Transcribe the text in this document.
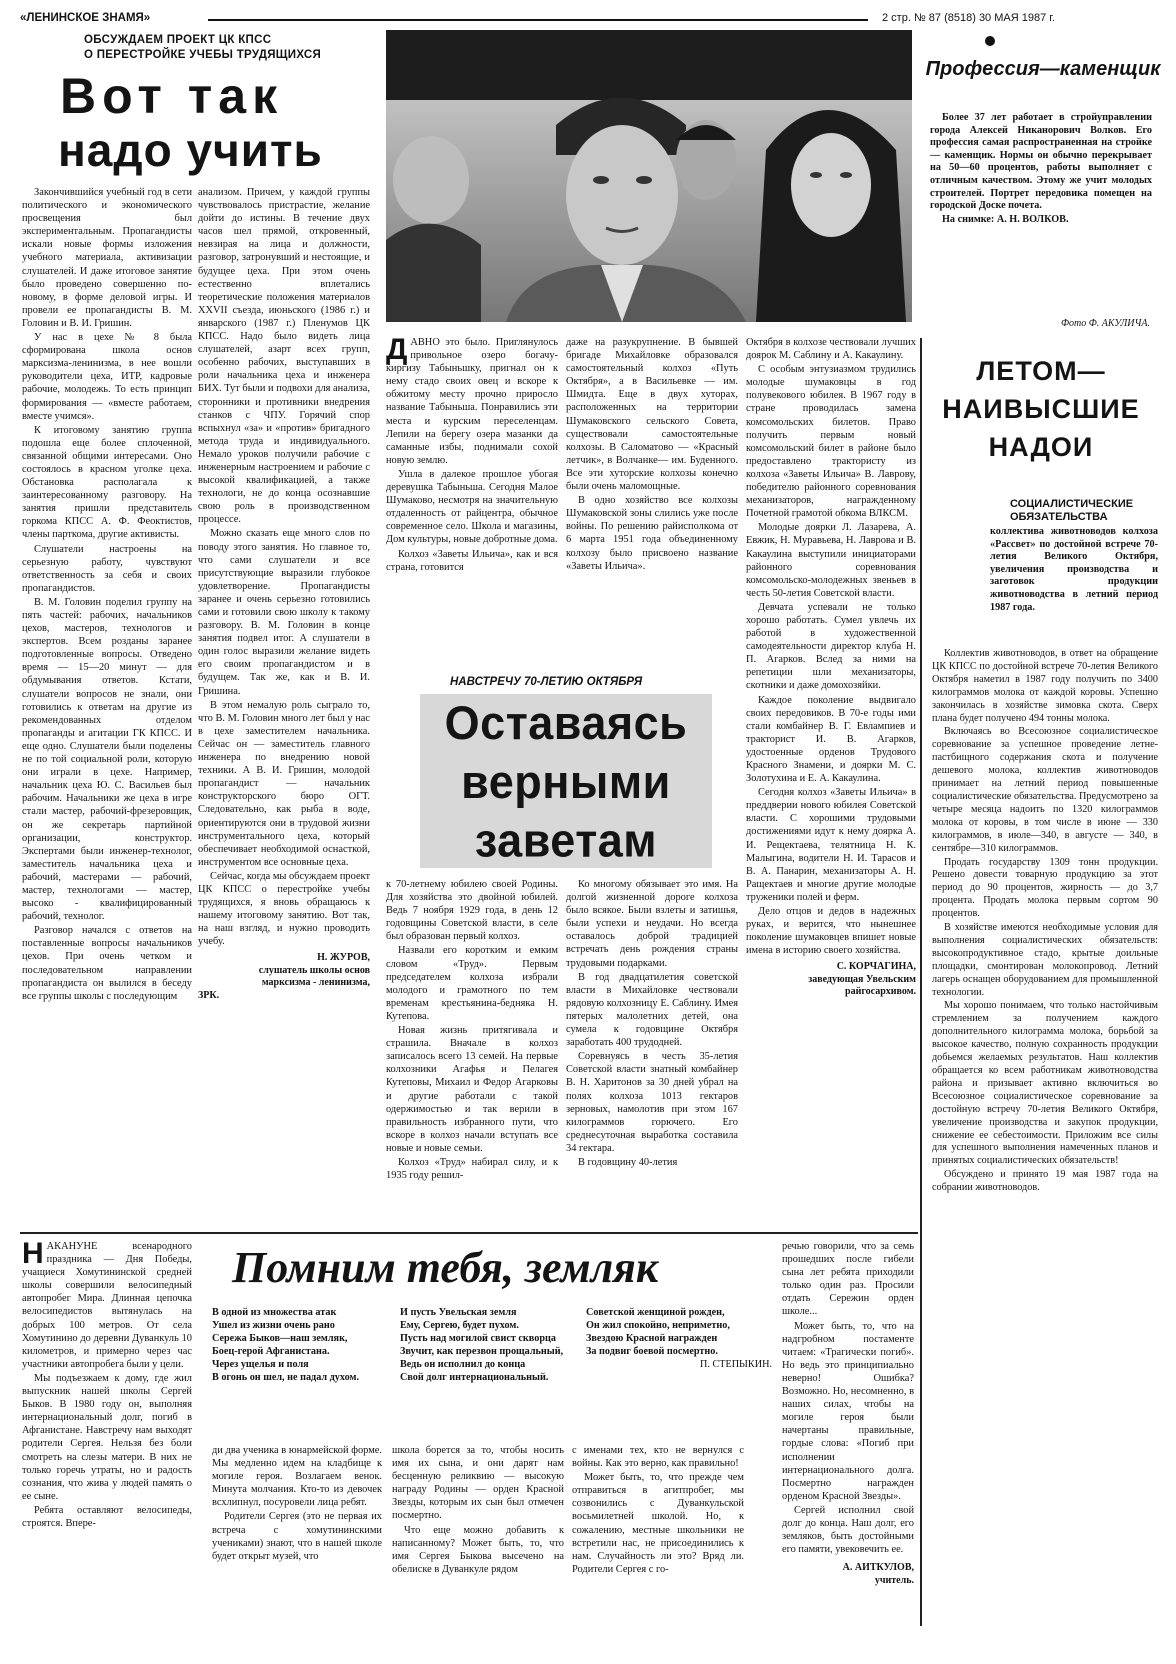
«ЛЕНИНСКОЕ ЗНАМЯ»	2 стр. № 87 (8518) 30 МАЯ 1987 г.
ОБСУЖДАЕМ ПРОЕКТ ЦК КПСС
О ПЕРЕСТРОЙКЕ УЧЕБЫ ТРУДЯЩИХСЯ
Вот так
надо учить

Закончившийся учебный год в сети политического и экономического просвещения был экспериментальным. Пропагандисты искали новые формы изложения учебного материала, активизации слушателей. И даже итоговое занятие было проведено совершенно по-новому, в форме деловой игры. И провели ее пропагандисты В. М. Головин и В. И. Гришин.

У нас в цехе № 8 была сформирована школа основ марксизма-ленинизма, в нее вошли руководители цеха, ИТР, кадровые рабочие, молодежь. То есть принцип формирования — «вместе работаем, вместе учимся».

К итоговому занятию группа подошла еще более сплоченной, связанной общими интересами. Оно состоялось в красном уголке цеха. Обстановка располагала к заинтересованному разговору. На занятия пришли представитель горкома КПСС А. Ф. Феоктистов, члены парткома, другие активисты.

Слушатели настроены на серьезную работу, чувствуют ответственность за себя и своих пропагандистов.

В. М. Головин поделил группу на пять частей: рабочих, начальников цехов, мастеров, технологов и экспертов. Всем розданы заранее подготовленные вопросы. Отведено время — 15—20 минут — для обдумывания ответов. Кстати, слушатели вопросов не знали, они готовились к ответам на другие из рекомендованных отделом пропаганды и агитации ГК КПСС. И еще одно. Слушатели были поделены не по той социальной роли, которую они играли в цехе. Например, начальник цеха Ю. С. Васильев был рабочим. Начальники же цеха в игре стали мастер, рабочий-фрезеровщик, он же секретарь партийной организации, конструктор. Экспертами были инженер-технолог, заместитель начальника цеха и рабочий, мастерами — рабочий, мастер, технологами — мастер, высоко - квалифицированный рабочий, технолог.

Разговор начался с ответов на поставленные вопросы начальников цехов. При очень четком и последовательном направлении пропагандиста он вылился в беседу все группы школы с последующим

анализом. Причем, у каждой группы чувствовалось пристрастие, желание дойти до истины. В течение двух часов шел прямой, откровенный, невзирая на лица и должности, разговор, затронувший и нестоящие, и будущее цеха. При этом очень естественно вплетались теоретические положения материалов XXVII съезда, июньского (1986 г.) и январского (1987 г.) Пленумов ЦК КПСС. Надо было видеть лица слушателей, азарт всех групп, особенно рабочих, выступавших в роли начальника цеха и инженера БИХ. Тут были и подвохи для анализа, сторонники и противники внедрения станков с ЧПУ. Горячий спор вспыхнул «за» и «против» бригадного метода труда и индивидуального. Немало уроков получили рабочие с инженерным настроением и рабочие с высокой квалификацией, а также технологи, не до конца осознавшие свою роль в производственном процессе.

Можно сказать еще много слов по поводу этого занятия. Но главное то, что сами слушатели и все присутствующие выразили глубокое удовлетворение. Пропагандисты заранее и очень серьезно готовились сами и готовили свою школу к такому разговору. В. М. Головин в конце занятия подвел итог. А слушатели в один голос выразили желание видеть его своим пропагандистом и в будущем. Так же, как и В. И. Гришина.

В этом немалую роль сыграло то, что В. М. Головин много лет был у нас в цехе заместителем начальника. Сейчас он — заместитель главного инженера по внедрению новой техники. А В. И. Гришин, молодой пропагандист — начальник конструкторского бюро ОГТ. Следовательно, как рыба в воде, ориентируются они в трудовой жизни инструментального цеха, который обеспечивает необходимой оснасткой, инструментом все основные цеха.

Сейчас, когда мы обсуждаем проект ЦК КПСС о перестройке учебы трудящихся, я вновь обращаюсь к нашему итоговому занятию. Вот так, на наш взгляд, и нужно проводить учебу.

Н. ЖУРОВ,
слушатель школы основ
марксизма - ленинизма,
ЗРК.
Профессия—каменщик

Более 37 лет работает в стройуправлении города Алексей Никанорович Волков. Его профессия самая распространенная на стройке — каменщик. Нормы он обычно перекрывает на 50—60 процентов, работы выполняет с отличным качеством. Этому же учит молодых строителей. Портрет передовика помещен на городской Доске почета.

На снимке: А. Н. ВОЛКОВ.

Фото Ф. АКУЛИЧА.
ЛЕТОМ—
НАИВЫСШИЕ
НАДОИ
СОЦИАЛИСТИЧЕСКИЕ ОБЯЗАТЕЛЬСТВА

коллектива животноводов колхоза «Рассвет» по достойной встрече 70-летия Великого Октября, увеличения производства и заготовок продукции животноводства в летний период 1987 года.

Коллектив животноводов, в ответ на обращение ЦК КПСС по достойной встрече 70-летия Великого Октября наметил в 1987 году получить по 3400 килограммов молока от каждой коровы. Успешно закончилась в хозяйстве зимовка скота. Сверх плана будет получено 494 тонны молока.

Включаясь во Всесоюзное социалистическое соревнование за успешное проведение летне-пастбищного содержания скота и получение дешевого молока, коллектив животноводов принимает на летний период повышенные социалистические обязательства. Предусмотрено за четыре месяца надоить по 1320 килограммов молока от коровы, в том числе в июне — 330 килограммов, в июле—340, в августе — 340, в сентябре—310 килограммов.

Продать государству 1309 тонн продукции. Решено довести товарную продукцию за этот период до 90 процентов, жирность — до 3,7 процента. Продать молока первым сортом 90 процентов.

В хозяйстве имеются необходимые условия для выполнения социалистических обязательств: высокопродуктивное стадо, крытые доильные площадки, смонтирован молокопровод. Летний лагерь оснащен оборудованием для промышленной технологии.

Мы хорошо понимаем, что только настойчивым стремлением за получением каждого дополнительного килограмма молока, борьбой за высокое качество, полную сохранность продукции добьемся желаемых результатов. Наш коллектив обращается ко всем работникам животноводства района и призывает активно включиться во Всесоюзное социалистическое соревнование за достойную встречу 70-летия Великого Октября, увеличение производства и закупок продукции, снижение ее себестоимости. Приложим все силы для успешного выполнения намеченных планов и принятых социалистических обязательств!

Обсуждено и принято 19 мая 1987 года на собрании животноводов.

ДАВНО это было. Приглянулось привольное озеро богачу-киргизу Табыньшку, пригнал он к нему стадо своих овец и вскоре к обжитому месту прочно приросло название Табыньша. Понравились эти места и курским переселенцам. Лепили на берегу озера мазанки да саманные избы, поднимали сохой новую землю.

Ушла в далекое прошлое убогая деревушка Табыньша. Сегодня Малое Шумаково, несмотря на значительную отдаленность от райцентра, обычное современное село. Школа и магазины, Дом культуры, новые добротные дома.

Колхоз «Заветы Ильича», как и вся страна, готовится

даже на разукрупнение. В бывшей бригаде Михайловке образовался самостоятельный колхоз «Путь Октября», а в Васильевке — им. Шмидта. Еще в двух хуторах, расположенных на территории Шумаковского сельского Совета, существовали самостоятельные колхозы. В Саломатово — «Красный летчик», в Волчанке— им. Буденного. Все эти хуторские колхозы конечно были очень маломощные.

В одно хозяйство все колхозы Шумаковской зоны слились уже после войны. По решению райисполкома от 6 марта 1951 года объединенному колхозу было присвоено название «Заветы Ильича».

Октября в колхозе чествовали лучших доярок М. Саблину и А. Какаулину.

С особым энтузиазмом трудились молодые шумаковцы в год полувекового юбилея. В 1967 году в стране проводилась замена комсомольских билетов. Право получить первым новый комсомольский билет в районе было предоставлено трактористу из колхоза «Заветы Ильича» В. Лаврову, победителю районного соревнования механизаторов, награжденному Почетной грамотой обкома ВЛКСМ.

Молодые доярки Л. Лазарева, А. Евжик, Н. Муравьева, Н. Лаврова и В. Какаулина выступили инициаторами районного соревнования комсомольско-молодежных звеньев в честь 50-летия Советской власти.

Девчата успевали не только хорошо работать. Сумел увлечь их работой в художественной самодеятельности директор клуба Н. П. Агарков. Вслед за ними на репетиции шли механизаторы, скотники и даже домохозяйки.

Каждое поколение выдвигало своих передовиков. В 70-е годы ими стали комбайнер В. Г. Евлампиев и тракторист И. В. Агарков, удостоенные орденов Трудового Красного Знамени, и доярки М. С. Золотухина и Е. А. Какаулина.

Сегодня колхоз «Заветы Ильича» в преддверии нового юбилея Советской власти. С хорошими трудовыми достижениями идут к нему доярка А. И. Рещектаева, телятница Н. К. Малыгина, водители Н. И. Тарасов и В. А. Панарин, механизаторы А. Н. Ращектаев и многие другие молодые труженики полей и ферм.

Дело отцов и дедов в надежных руках, и верится, что нынешнее поколение шумаковцев впишет новые имена в историю своего хозяйства.

С. КОРЧАГИНА,
заведующая Увельским райгосархивом.
НАВСТРЕЧУ 70-ЛЕТИЮ ОКТЯБРЯ
Оставаясь
верными
заветам

к 70-летнему юбилею своей Родины. Для хозяйства это двойной юбилей. Ведь 7 ноября 1929 года, в день 12 годовщины Советской власти, в селе был образован первый колхоз.

Назвали его коротким и емким словом «Труд». Первым председателем колхоза избрали молодого и грамотного по тем временам крестьянина-бедняка Н. Кутепова.

Новая жизнь притягивала и страшила. Вначале в колхоз записалось всего 13 семей. На первые колхозники Агафья и Пелагея Кутеповы, Михаил и Федор Агарковы и другие работали с такой одержимостью и так верили в правильность избранного пути, что вскоре в колхоз начали вступать все новые и новые семьи.

Колхоз «Труд» набирал силу, и к 1935 году решил-

Ко многому обязывает это имя. На долгой жизненной дороге колхоза было всякое. Были взлеты и затишья, были успехи и неудачи. Но всегда оставалось доброй традицией встречать день рождения страны трудовыми подарками.

В год двадцатилетия советской власти в Михайловке чествовали рядовую колхозницу Е. Саблину. Имея пятерых малолетних детей, она сумела к годовщине Октября заработать 400 трудодней.

Соревнуясь в честь 35-летия Советской власти знатный комбайнер В. Н. Харитонов за 30 дней убрал на полях колхоза 1013 гектаров зерновых, намолотив при этом 167 килограммов горючего. Его среднесуточная выработка составила 34 гектара.

В годовщину 40-летия

НАКАНУНЕ всенародного праздника — Дня Победы, учащиеся Хомутининской средней школы совершили велосипедный автопробег Мира. Длинная цепочка велосипедистов вытянулась на добрых 100 метров. От села Хомутинино до деревни Дуванкуль 10 километров, и примерно через час участники автопробега были у цели.

Мы подъезжаем к дому, где жил выпускник нашей школы Сергей Быков. В 1980 году он, выполняя интернациональный долг, погиб в Афганистане. Навстречу нам выходят родители Сергея. Нельзя без боли смотреть на слезы матери. В них не только горечь утраты, но и радость сознания, что жива у людей память о ее сыне.

Ребята оставляют велосипеды, строятся. Впере-

Помним тебя, земляк
В одной из множества атак
Ушел из жизни очень рано
Сережа Быков—наш земляк,
Боец-герой Афганистана.
Через ущелья и поля
В огонь он шел, не падал духом.
И пусть Увельская земля
Ему, Сергею, будет пухом.
Пусть над могилой свист скворца
Звучит, как перезвон прощальный,
Ведь он исполнил до конца
Свой долг интернациональный.
Советской женщиной рожден,
Он жил спокойно, неприметно,
Звездою Красной награжден
За подвиг боевой посмертно.
П. СТЕПЫКИН.

ди два ученика в юнармейской форме. Мы медленно идем на кладбище к могиле героя. Возлагаем венок. Минута молчания. Кто-то из девочек всхлипнул, посуровели лица ребят.

Родители Сергея (это не первая их встреча с хомутининскими учениками) знают, что в нашей школе будет открыт музей, что

школа борется за то, чтобы носить имя их сына, и они дарят нам бесценную реликвию — высокую награду Родины — орден Красной Звезды, которым их сын был отмечен посмертно.

Что еще можно добавить к написанному? Может быть, то, что имя Сергея Быкова высечено на обелиске в Дуванкуле рядом

с именами тех, кто не вернулся с войны. Как это верно, как правильно!

Может быть, то, что прежде чем отправиться в агитпробег, мы созвонились с Дуванкульской восьмилетней школой. Но, к сожалению, местные школьники не встретили нас, не присоединились к нам. Случайность ли это? Вряд ли. Родители Сергея с го-

речью говорили, что за семь прошедших после гибели сына лет ребята приходили только один раз. Просили отдать Сережин орден школе...

Может быть, то, что на надгробном постаменте читаем: «Трагически погиб». Но ведь это принципиально неверно! Ошибка? Возможно. Но, несомненно, в наших силах, чтобы на могиле героя были начертаны правильные, гордые слова: «Погиб при исполнении интернационального долга. Посмертно награжден орденом Красной Звезды».

Сергей исполнил свой долг до конца. Наш долг, его земляков, быть достойными его памяти, увековечить ее.

А. АИТКУЛОВ,
учитель.
